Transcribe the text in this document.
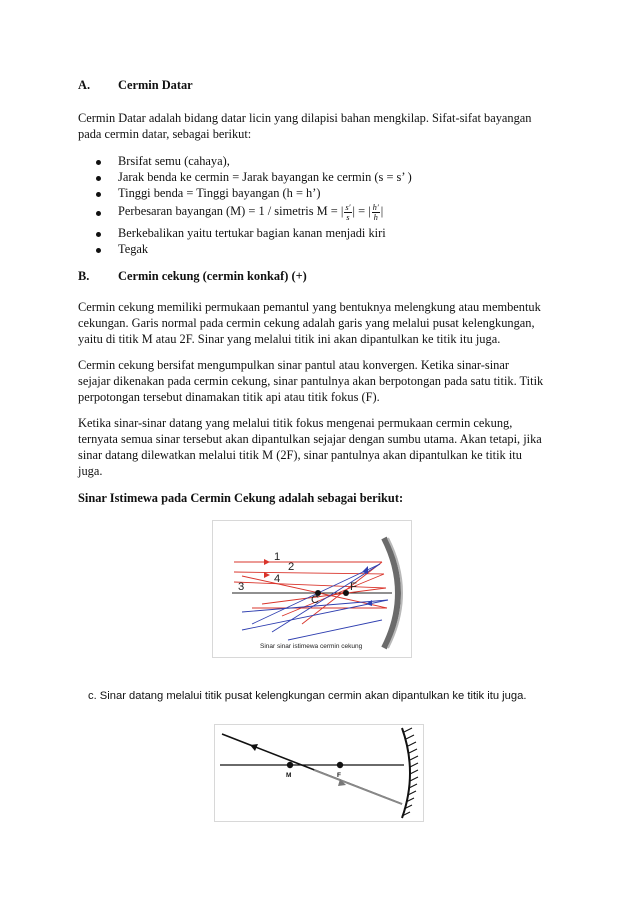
A. Cermin Datar
Cermin Datar adalah bidang datar licin yang dilapisi bahan mengkilap. Sifat-sifat bayangan
pada cermin datar, sebagai berikut:
Brsifat semu (cahaya),
Jarak benda ke cermin = Jarak bayangan ke cermin (s = s’ )
Tinggi benda = Tinggi bayangan (h = h’)
Perbesaran bayangan (M) = 1 / simetris M = | $\frac{s'}{s}$ | = | $\frac{h'}{h}$ |
Berkebalikan yaitu tertukar bagian kanan menjadi kiri
Tegak
B. Cermin cekung (cermin konkaf) (+)
Cermin cekung memiliki permukaan pemantul yang bentuknya melengkung atau membentuk
cekungan. Garis normal pada cermin cekung adalah garis yang melalui pusat kelengkungan,
yaitu di titik M atau 2F. Sinar yang melalui titik ini akan dipantulkan ke titik itu juga.
Cermin cekung bersifat mengumpulkan sinar pantul atau konvergen. Ketika sinar-sinar
sejajar dikenakan pada cermin cekung, sinar pantulnya akan berpotongan pada satu titik. Titik
perpotongan tersebut dinamakan titik api atau titik fokus (F).
Ketika sinar-sinar datang yang melalui titik fokus mengenai permukaan cermin cekung,
ternyata semua sinar tersebut akan dipantulkan sejajar dengan sumbu utama. Akan tetapi, jika
sinar datang dilewatkan melalui titik M (2F), sinar pantulnya akan dipantulkan ke titik itu
juga.
Sinar Istimewa pada Cermin Cekung adalah sebagai berikut:
1
2
3
4
C
F
Sinar sinar istimewa cermin cekung
c. Sinar datang melalui titik pusat kelengkungan cermin akan dipantulkan ke titik itu juga.
M	F
